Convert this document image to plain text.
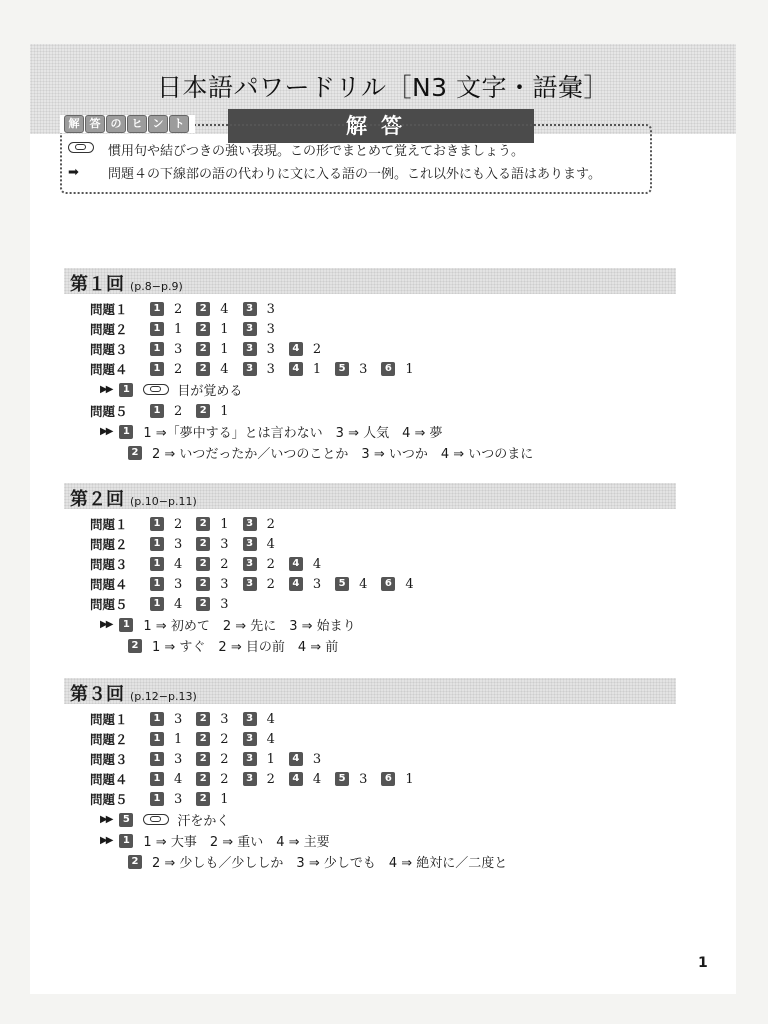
日本語パワードリル［N3 文字・語彙］
解答
解 答 の ヒ ン ト
慣用句や結びつきの強い表現。この形でまとめて覚えておきましょう。
➡	問題４の下線部の語の代わりに文に入る語の一例。これ以外にも入る語はあります。
第１回 (p.8−p.9)
問題１	1 2	2 4	3 3
問題２	1 1	2 1	3 3
問題３	1 3	2 1	3 3	4 2
問題４	1 2	2 4	3 3	4 1	5 3	6 1
▶▶	1	目が覚める
問題５	1 2	2 1
▶▶	1 1 ⇒「夢中する」とは言わない　3 ⇒ 人気　4 ⇒ 夢
2 2 ⇒ いつだったか／いつのことか　3 ⇒ いつか　4 ⇒ いつのまに
第２回 (p.10−p.11)
問題１	1 2	2 1	3 2
問題２	1 3	2 3	3 4
問題３	1 4	2 2	3 2	4 4
問題４	1 3	2 3	3 2	4 3	5 4	6 4
問題５	1 4	2 3
▶▶	1 1 ⇒ 初めて　2 ⇒ 先に　3 ⇒ 始まり
2 1 ⇒ すぐ　2 ⇒ 目の前　4 ⇒ 前
第３回 (p.12−p.13)
問題１	1 3	2 3	3 4
問題２	1 1	2 2	3 4
問題３	1 3	2 2	3 1	4 3
問題４	1 4	2 2	3 2	4 4	5 3	6 1
問題５	1 3	2 1
▶▶	5	汗をかく
▶▶	1 1 ⇒ 大事　2 ⇒ 重い　4 ⇒ 主要
2 2 ⇒ 少しも／少ししか　3 ⇒ 少しでも　4 ⇒ 絶対に／二度と
1
